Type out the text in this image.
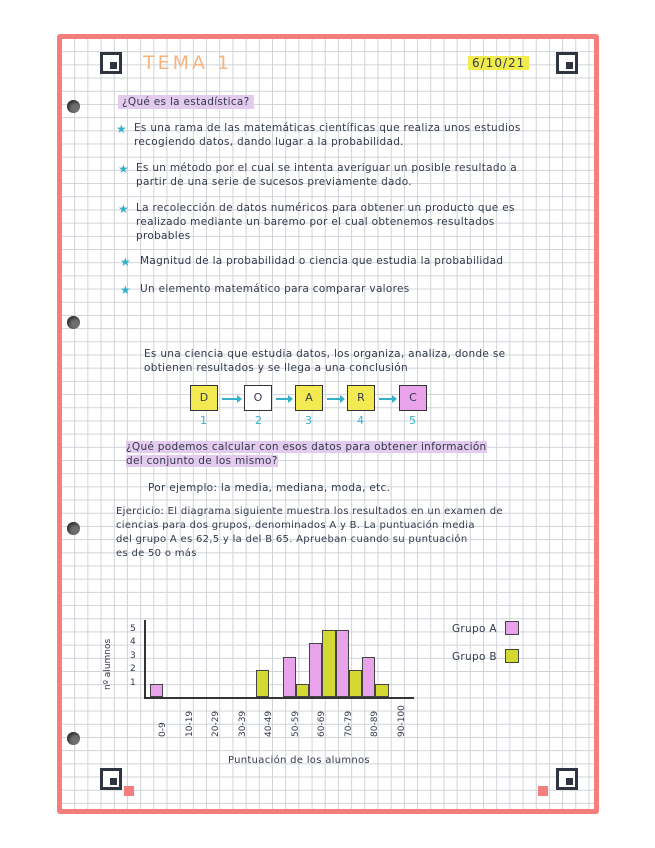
TEMA 1	6/10/21
¿Qué es la estadística?
★ Es una rama de las matemáticas científicas que realiza unos estudios
recogiendo datos, dando lugar a la probabilidad.
★ Es un método por el cual se intenta averiguar un posible resultado a
partir de una serie de sucesos previamente dado.
★ La recolección de datos numéricos para obtener un producto que es
realizado mediante un baremo por el cual obtenemos resultados
probables
★ Magnitud de la probabilidad o ciencia que estudia la probabilidad
★ Un elemento matemático para comparar valores
Es una ciencia que estudia datos, los organiza, analiza, donde se
obtienen resultados y se llega a una conclusión
D	O	A	R	C
1	2	3	4	5
¿Qué podemos calcular con esos datos para obtener información
del conjunto de los mismo?
Por ejemplo: la media, mediana, moda, etc.
Ejercicio: El diagrama siguiente muestra los resultados en un examen de
ciencias para dos grupos, denominados A y B. La puntuación media
del grupo A es 62,5 y la del B 65. Aprueban cuando su puntuación
es de 50 o más
nº alumnos
Puntuación de los alumnos
1
2
3
4
5
0-9 10-19 20-29 30-39 40-49 50-59 60-69 70-79 80-89 90-100
Grupo A
Grupo B
